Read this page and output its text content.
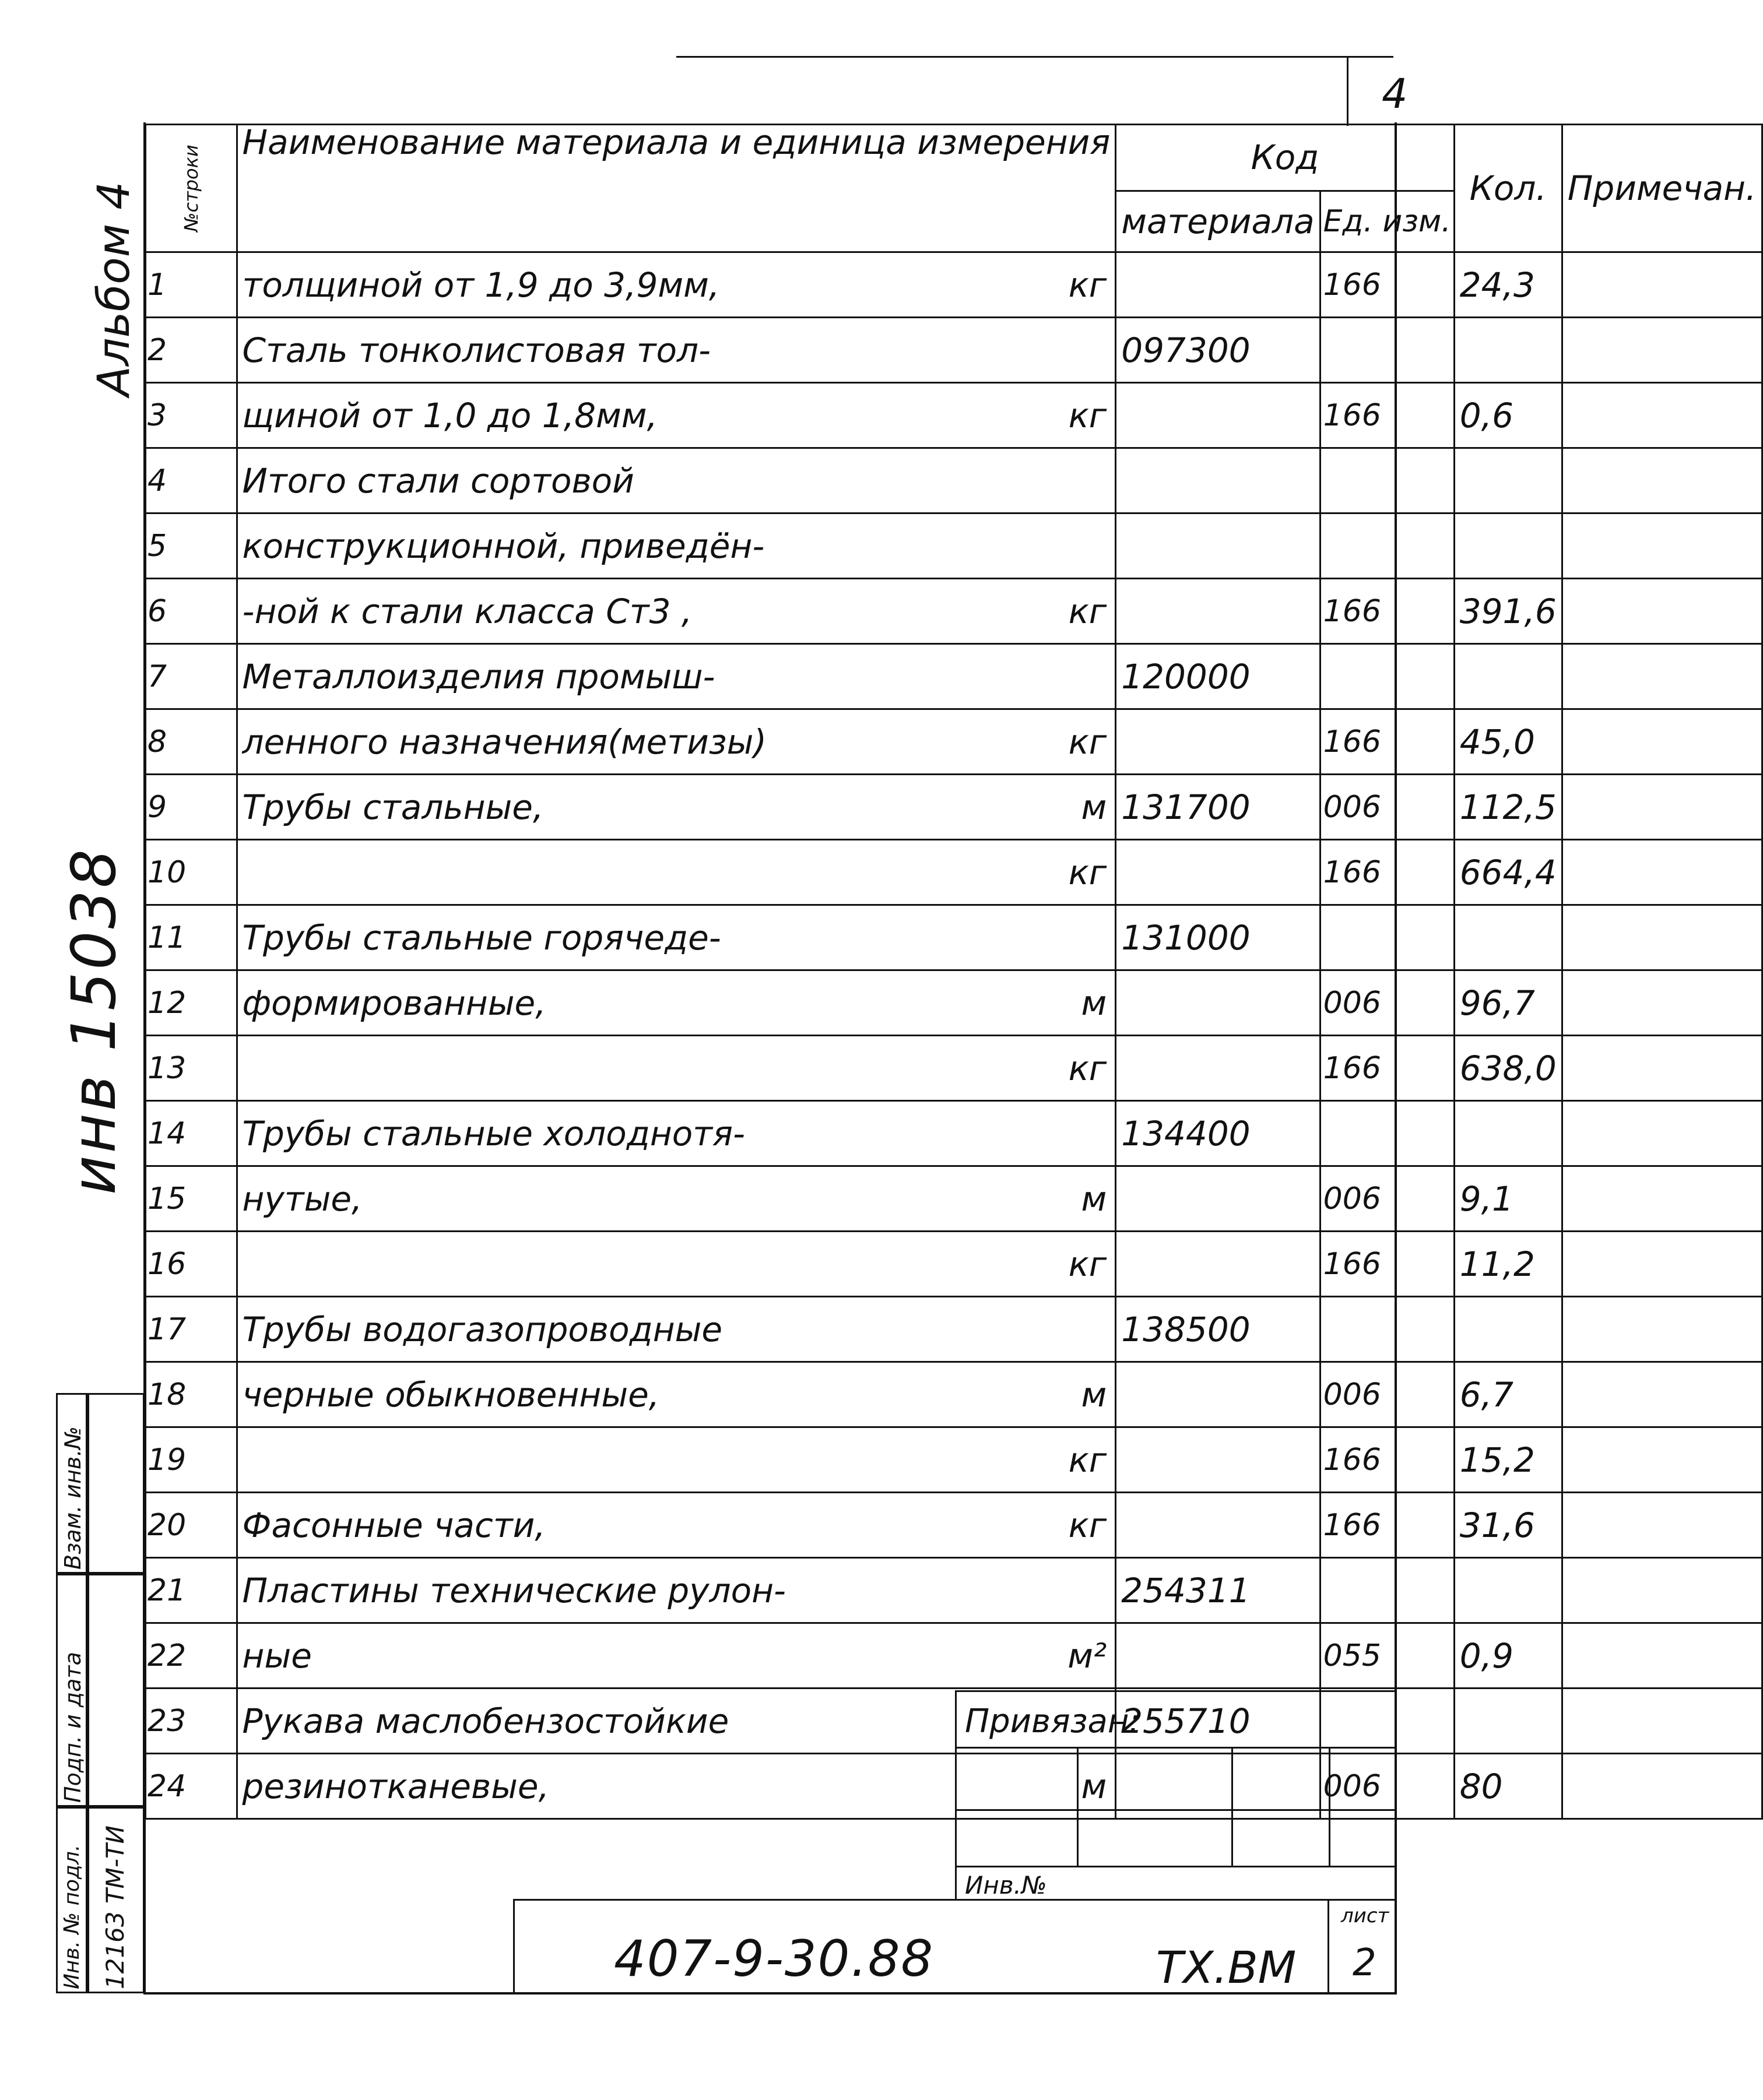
4
Альбом 4
инв 15038
№строки	Наименование материала и единица измерения	Код		Кол.	Примечан.
		материала	Ед. изм.		
1	толщиной от 1,9 до 3,9мм, кг		166	24,3	
2	Сталь тонколистовая тол-	097300			
3	щиной от 1,0 до 1,8мм, кг		166	0,6	
4	Итого стали сортовой				

5	конструкционной, приведён-				

6	-ной к стали класса Ст3 , кг		166	391,6	
7	Металлоизделия промыш-	120000			
8	ленного назначения(метизы) кг		166	45,0	
9	Трубы стальные, м	131700	006	112,5	
10	кг		166	664,4	
11	Трубы стальные горячеде-	131000			
12	формированные, м		006	96,7	
13	кг		166	638,0	
14	Трубы стальные холоднотя-	134400			
15	нутые, м		006	9,1	
16	кг		166	11,2	
17	Трубы водогазопроводные	138500			
18	черные обыкновенные, м		006	6,7	
19	кг		166	15,2	
20	Фасонные части, кг		166	31,6	
21	Пластины технические рулон-	254311			
22	ные м²		055	0,9	
23	Рукава маслобензостойкие	255710			
24	резинотканевые, м		006	80	
Взам. инв.№
Подп. и дата
Инв. № подл. 12163 ТМ-ТИ
Привязан:
Инв.№
407-9-30.88	ТХ.ВМ
лист
2
